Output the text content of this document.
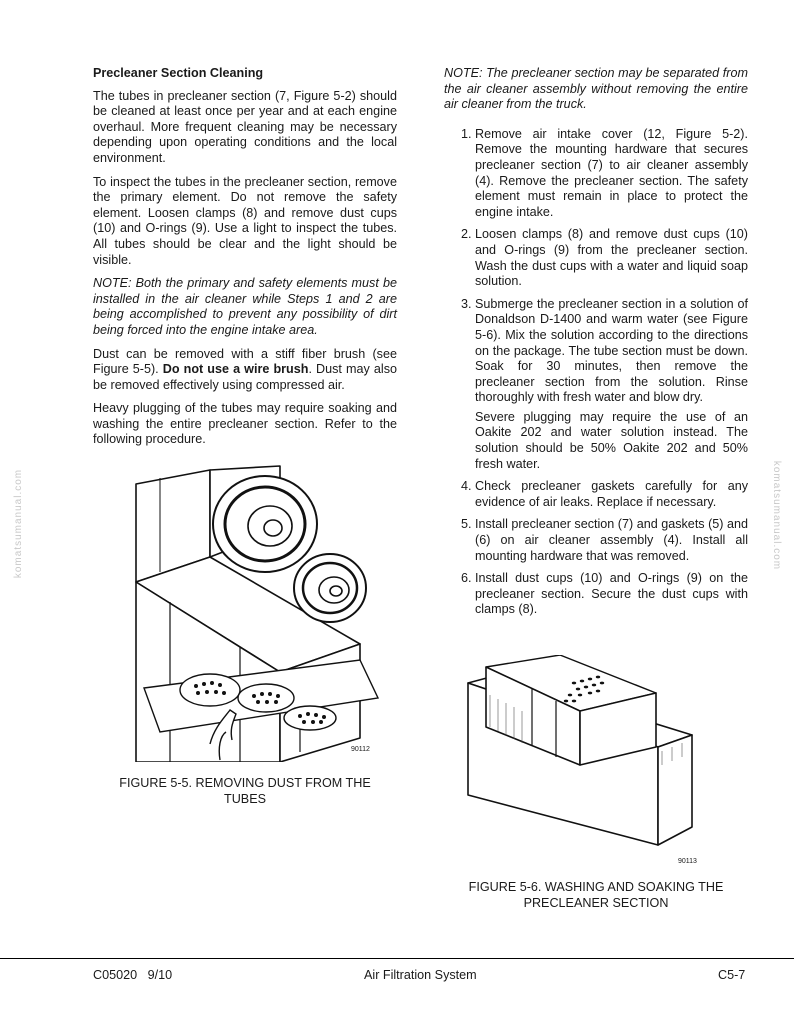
komatsumanual.com	komatsumanual.com
Precleaner Section Cleaning

The tubes in precleaner section (7, Figure 5-2) should be cleaned at least once per year and at each engine overhaul. More frequent cleaning may be necessary depending upon operating conditions and the local environment.

To inspect the tubes in the precleaner section, remove the primary element. Do not remove the safety element. Loosen clamps (8) and remove dust cups (10) and O-rings (9). Use a light to inspect the tubes. All tubes should be clear and the light should be visible.

NOTE: Both the primary and safety elements must be installed in the air cleaner while Steps 1 and 2 are being accomplished to prevent any possibility of dirt being forced into the engine intake area.

Dust can be removed with a stiff fiber brush (see Figure 5-5). Do not use a wire brush. Dust may also be removed effectively using compressed air.

Heavy plugging of the tubes may require soaking and washing the entire precleaner section. Refer to the following procedure.

90112
FIGURE 5-5. REMOVING DUST FROM THE
TUBES

NOTE: The precleaner section may be separated from the air cleaner assembly without removing the entire air cleaner from the truck.

1. Remove air intake cover (12, Figure 5-2). Remove the mounting hardware that secures precleaner section (7) to air cleaner assembly (4). Remove the precleaner section. The safety element must remain in place to protect the engine intake.
2. Loosen clamps (8) and remove dust cups (10) and O-rings (9) from the precleaner section. Wash the dust cups with a water and liquid soap solution.
3. Submerge the precleaner section in a solution of Donaldson D-1400 and warm water (see Figure 5-6). Mix the solution according to the directions on the package. The tube section must be down. Soak for 30 minutes, then remove the precleaner section from the solution. Rinse thoroughly with fresh water and blow dry.
Severe plugging may require the use of an Oakite 202 and water solution instead. The solution should be 50% Oakite 202 and 50% fresh water.
4. Check precleaner gaskets carefully for any evidence of air leaks. Replace if necessary.
5. Install precleaner section (7) and gaskets (5) and (6) on air cleaner assembly (4). Install all mounting hardware that was removed.
6. Install dust cups (10) and O-rings (9) on the precleaner section. Secure the dust cups with clamps (8).
90113
FIGURE 5-6. WASHING AND SOAKING THE
PRECLEANER SECTION
C05020 9/10	Air Filtration System	C5-7
